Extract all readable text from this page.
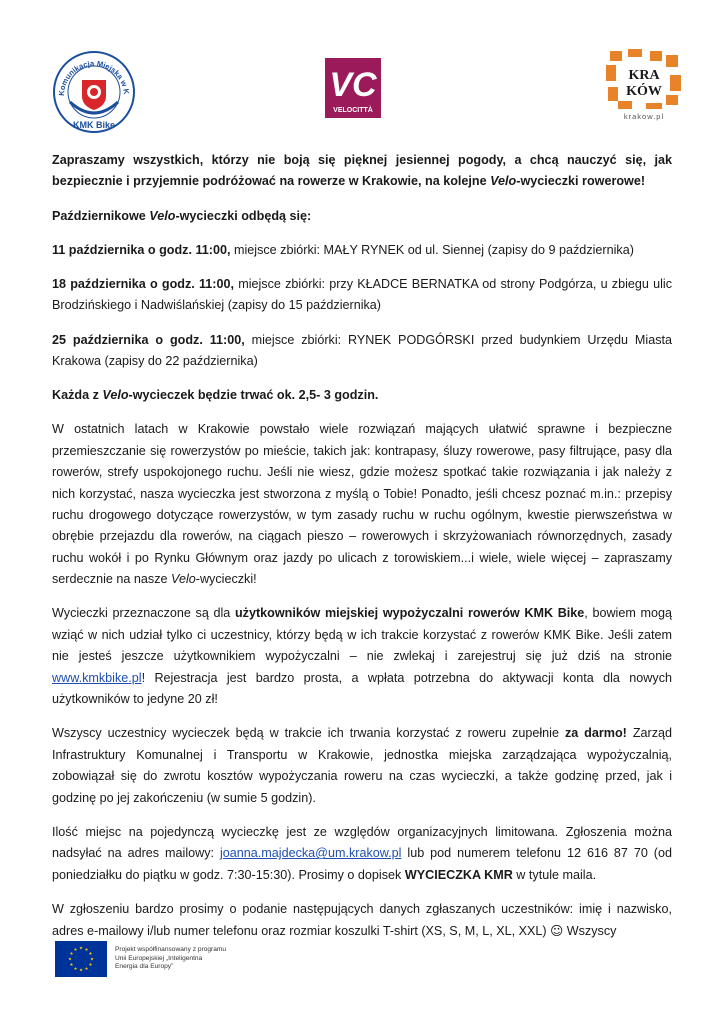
Komunikacja Miejska w K
KMK Bike
VC
VELOCITTÀ
KRA
KÓW
krakow.pl

Zapraszamy wszystkich, którzy nie boją się pięknej jesiennej pogody, a chcą nauczyć się, jak bezpiecznie i przyjemnie podróżować na rowerze w Krakowie, na kolejne Velo-wycieczki rowerowe!

Październikowe Velo-wycieczki odbędą się:

11 października o godz. 11:00, miejsce zbiórki: MAŁY RYNEK od ul. Siennej (zapisy do 9 października)

18 października o godz. 11:00, miejsce zbiórki: przy KŁADCE BERNATKA od strony Podgórza, u zbiegu ulic Brodzińskiego i Nadwiślańskiej (zapisy do 15 października)

25 października o godz. 11:00, miejsce zbiórki: RYNEK PODGÓRSKI przed budynkiem Urzędu Miasta Krakowa (zapisy do 22 października)

Każda z Velo-wycieczek będzie trwać ok. 2,5- 3 godzin.

W ostatnich latach w Krakowie powstało wiele rozwiązań mających ułatwić sprawne i bezpieczne przemieszczanie się rowerzystów po mieście, takich jak: kontrapasy, śluzy rowerowe, pasy filtrujące, pasy dla rowerów, strefy uspokojonego ruchu. Jeśli nie wiesz, gdzie możesz spotkać takie rozwiązania i jak należy z nich korzystać, nasza wycieczka jest stworzona z myślą o Tobie! Ponadto, jeśli chcesz poznać m.in.: przepisy ruchu drogowego dotyczące rowerzystów, w tym zasady ruchu w ruchu ogólnym, kwestie pierwszeństwa w obrębie przejazdu dla rowerów, na ciągach pieszo – rowerowych i skrzyżowaniach równorzędnych, zasady ruchu wokół i po Rynku Głównym oraz jazdy po ulicach z torowiskiem...i wiele, wiele więcej – zapraszamy serdecznie na nasze Velo-wycieczki!

Wycieczki przeznaczone są dla użytkowników miejskiej wypożyczalni rowerów KMK Bike, bowiem mogą wziąć w nich udział tylko ci uczestnicy, którzy będą w ich trakcie korzystać z rowerów KMK Bike. Jeśli zatem nie jesteś jeszcze użytkownikiem wypożyczalni – nie zwlekaj i zarejestruj się już dziś na stronie www.kmkbike.pl! Rejestracja jest bardzo prosta, a wpłata potrzebna do aktywacji konta dla nowych użytkowników to jedyne 20 zł!

Wszyscy uczestnicy wycieczek będą w trakcie ich trwania korzystać z roweru zupełnie za darmo! Zarząd Infrastruktury Komunalnej i Transportu w Krakowie, jednostka miejska zarządzająca wypożyczalnią, zobowiązał się do zwrotu kosztów wypożyczania roweru na czas wycieczki, a także godzinę przed, jak i godzinę po jej zakończeniu (w sumie 5 godzin).

Ilość miejsc na pojedynczą wycieczkę jest ze względów organizacyjnych limitowana. Zgłoszenia można nadsyłać na adres mailowy: joanna.majdecka@um.krakow.pl lub pod numerem telefonu 12 616 87 70 (od poniedziałku do piątku w godz. 7:30-15:30). Prosimy o dopisek WYCIECZKA KMR w tytule maila.

W zgłoszeniu bardzo prosimy o podanie następujących danych zgłaszanych uczestników: imię i nazwisko, adres e-mailowy i/lub numer telefonu oraz rozmiar koszulki T-shirt (XS, S, M, L, XL, XXL) ☺ Wszyscy

Projekt współfinansowany z programu
Unii Europejskiej „Inteligentna
Energia dla Europy”
